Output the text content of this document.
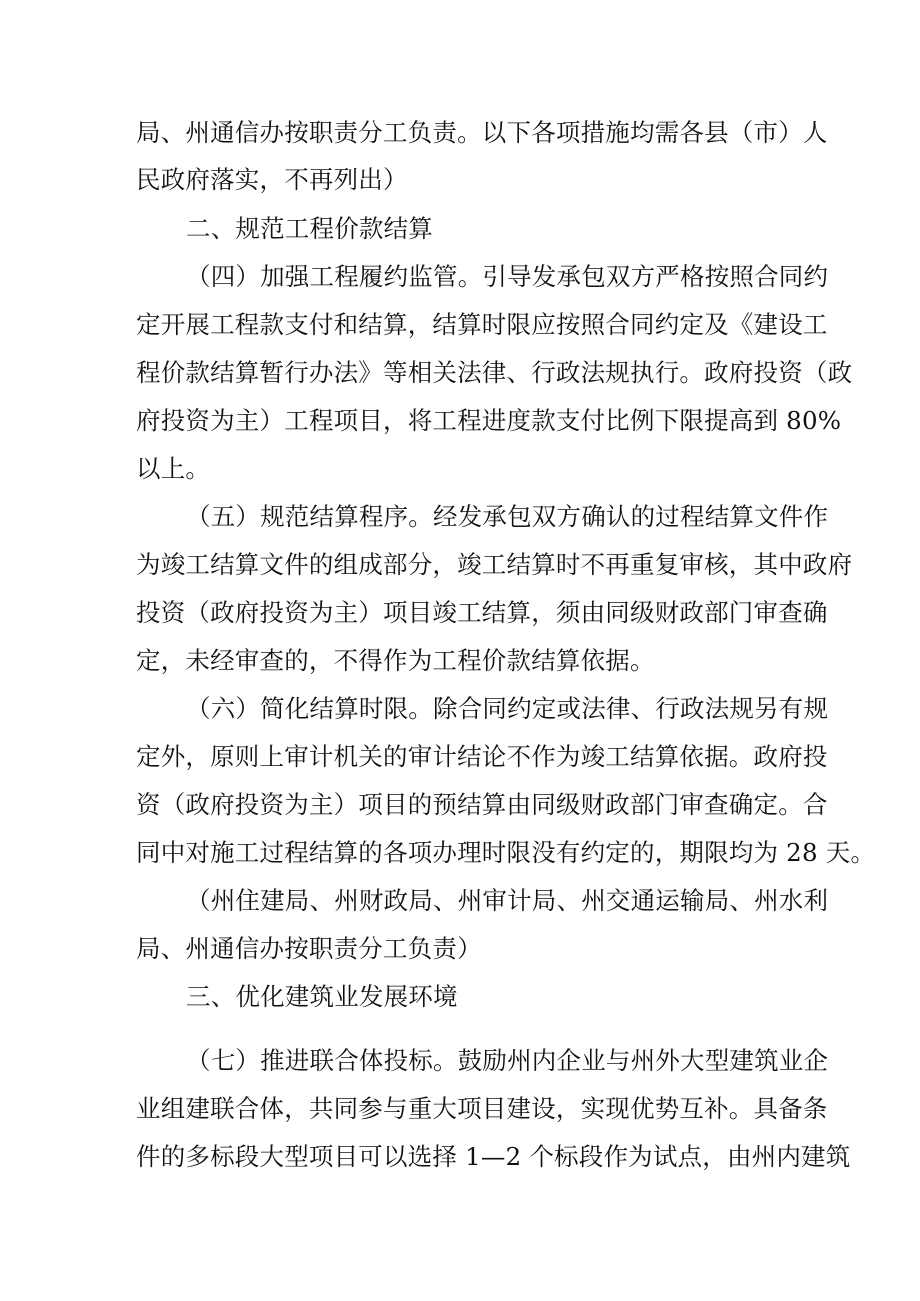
局、州通信办按职责分工负责。以下各项措施均需各县（市）人
民政府落实，不再列出）
二、规范工程价款结算
（四）加强工程履约监管。引导发承包双方严格按照合同约
定开展工程款支付和结算，结算时限应按照合同约定及《建设工
程价款结算暂行办法》等相关法律、行政法规执行。政府投资（政
府投资为主）工程项目，将工程进度款支付比例下限提高到 80%
以上。
（五）规范结算程序。经发承包双方确认的过程结算文件作
为竣工结算文件的组成部分，竣工结算时不再重复审核，其中政府
投资（政府投资为主）项目竣工结算，须由同级财政部门审查确
定，未经审查的，不得作为工程价款结算依据。
（六）简化结算时限。除合同约定或法律、行政法规另有规
定外，原则上审计机关的审计结论不作为竣工结算依据。政府投
资（政府投资为主）项目的预结算由同级财政部门审查确定。合
同中对施工过程结算的各项办理时限没有约定的，期限均为 28 天。
（州住建局、州财政局、州审计局、州交通运输局、州水利
局、州通信办按职责分工负责）
三、优化建筑业发展环境
（七）推进联合体投标。鼓励州内企业与州外大型建筑业企
业组建联合体，共同参与重大项目建设，实现优势互补。具备条
件的多标段大型项目可以选择 1—2 个标段作为试点，由州内建筑
